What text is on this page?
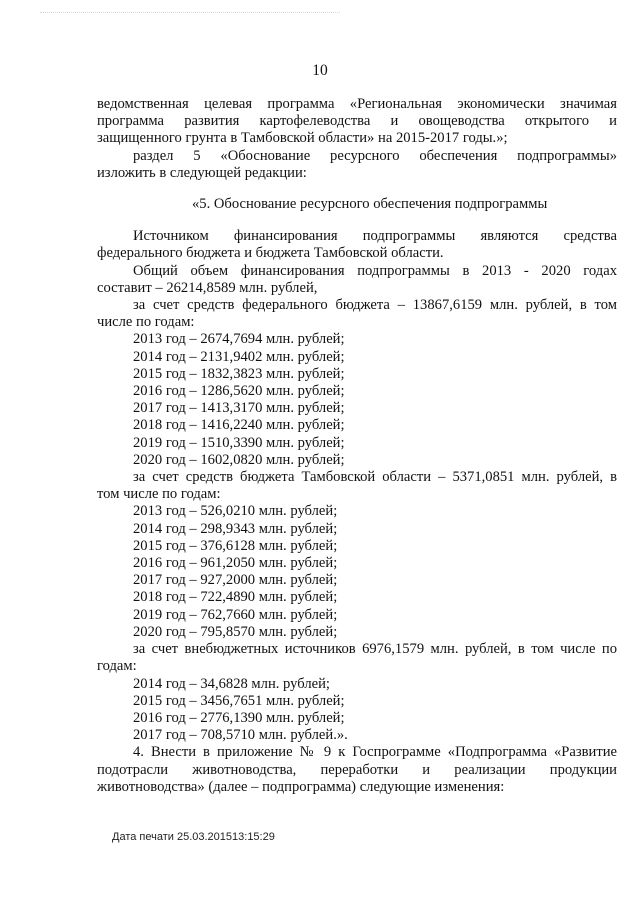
10

ведомственная целевая программа «Региональная экономически значимая

программа развития картофелеводства и овощеводства открытого и

защищенного грунта в Тамбовской области» на 2015-2017 годы.»;

раздел 5 «Обоснование ресурсного обеспечения подпрограммы»

изложить в следующей редакции:

«5. Обоснование ресурсного обеспечения подпрограммы

Источником финансирования подпрограммы являются средства

федерального бюджета и бюджета Тамбовской области.

Общий объем финансирования подпрограммы в 2013 - 2020 годах

составит – 26214,8589 млн. рублей,

за счет средств федерального бюджета – 13867,6159 млн. рублей, в том

числе по годам:

2013 год – 2674,7694 млн. рублей;
2014 год – 2131,9402 млн. рублей;
2015 год – 1832,3823 млн. рублей;
2016 год – 1286,5620 млн. рублей;
2017 год – 1413,3170 млн. рублей;
2018 год – 1416,2240 млн. рублей;
2019 год – 1510,3390 млн. рублей;
2020 год – 1602,0820 млн. рублей;

за счет средств бюджета Тамбовской области – 5371,0851 млн. рублей, в

том числе по годам:

2013 год – 526,0210 млн. рублей;
2014 год – 298,9343 млн. рублей;
2015 год – 376,6128 млн. рублей;
2016 год – 961,2050 млн. рублей;
2017 год – 927,2000 млн. рублей;
2018 год – 722,4890 млн. рублей;
2019 год – 762,7660 млн. рублей;
2020 год – 795,8570 млн. рублей;

за счет внебюджетных источников 6976,1579 млн. рублей, в том числе по

годам:

2014 год – 34,6828 млн. рублей;
2015 год – 3456,7651 млн. рублей;
2016 год – 2776,1390 млн. рублей;
2017 год – 708,5710 млн. рублей.».

4. Внести в приложение № 9 к Госпрограмме «Подпрограмма «Развитие

подотрасли животноводства, переработки и реализации продукции

животноводства» (далее – подпрограмма) следующие изменения:

Дата печати 25.03.201513:15:29
